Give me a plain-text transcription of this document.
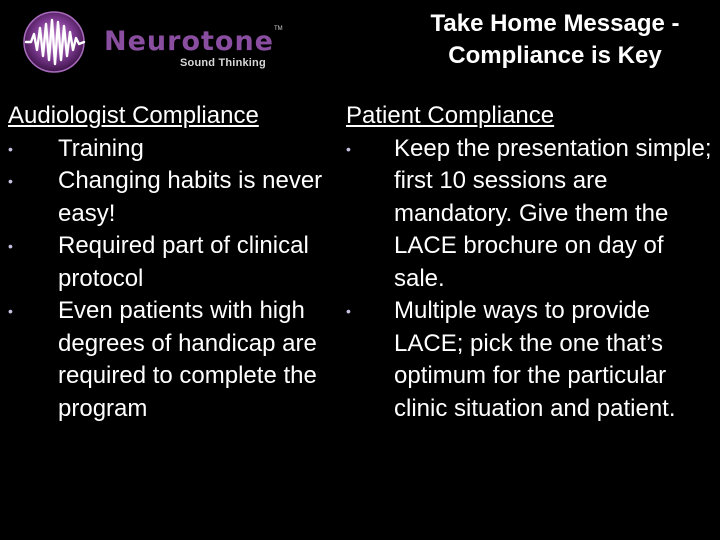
Neurotone TM
Sound Thinking
Take Home Message -
Compliance is Key
Audiologist Compliance
• Training
• Changing habits is never easy!
• Required part of clinical protocol
• Even patients with high degrees of handicap are required to complete the program
Patient Compliance
• Keep the presentation simple; first 10 sessions are mandatory. Give them the LACE brochure on day of sale.
• Multiple ways to provide LACE; pick the one that’s optimum for the particular clinic situation and patient.
